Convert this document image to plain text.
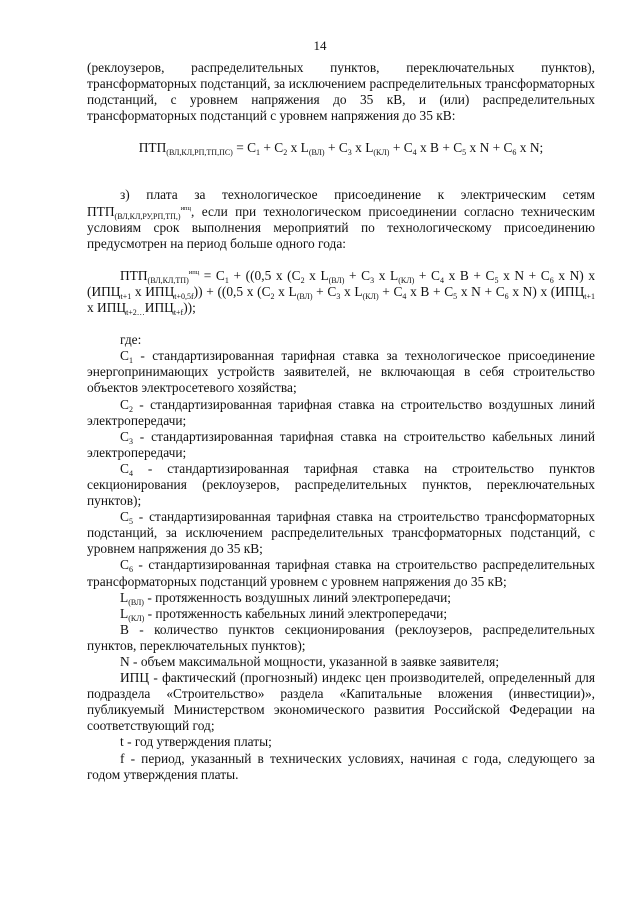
14

(реклоузеров, распределительных пунктов, переключательных пунктов), трансформаторных подстанций, за исключением распределительных трансформаторных подстанций, с уровнем напряжения до 35 кВ, и (или) распределительных трансформаторных подстанций с уровнем напряжения до 35 кВ:

$ПТП_{(ВЛ,КЛ,РП,ТП,ПС)} = С_1 + С_2$ x $L_{(ВЛ)} + С_3$ x $L_{(КЛ)} + С_4$ x $В + С_5$ x $N + С_6$ x N;

з) плата за технологическое присоединение к электрическим сетям $ПТП_{(ВЛ,КЛ,РУ,РП,ТП,)}^{ипц}$, если при технологическом присоединении согласно техническим условиям срок выполнения мероприятий по технологическому присоединению предусмотрен на период больше одного года:

$ПТП_{(ВЛ,КЛ,ТП)}^{ипц} = С_1 + ((0,5$ х ($С_2$ x $L_{(ВЛ)} + С_3$ x $L_{(КЛ)} + С_4$ x $В + С_5$ x $N + С_6$ x N) х ($ИПЦ_{t+1}$ x $ИПЦ_{t+0,5f})) + ((0,5$ х ($С_2$ x $L_{(ВЛ)} + С_3$ x $L_{(КЛ)} + С_4$ x $В + С_5$ x $N + С_6$ x N) х ($ИПЦ_{t+1}$ x $ИПЦ_{t+2\dots}ИПЦ_{t+f}$));

где:

$С_1$ - стандартизированная тарифная ставка за технологическое присоединение энергопринимающих устройств заявителей, не включающая в себя строительство объектов электросетевого хозяйства;

$С_2$ - стандартизированная тарифная ставка на строительство воздушных линий электропередачи;

$С_3$ - стандартизированная тарифная ставка на строительство кабельных линий электропередачи;

$С_4$ - стандартизированная тарифная ставка на строительство пунктов секционирования (реклоузеров, распределительных пунктов, переключательных пунктов);

$С_5$ - стандартизированная тарифная ставка на строительство трансформаторных подстанций, за исключением распределительных трансформаторных подстанций, с уровнем напряжения до 35 кВ;

$С_6$ - стандартизированная тарифная ставка на строительство распределительных трансформаторных подстанций уровнем с уровнем напряжения до 35 кВ;

$L_{(ВЛ)}$ - протяженность воздушных линий электропередачи;

$L_{(КЛ)}$ - протяженность кабельных линий электропередачи;

В - количество пунктов секционирования (реклоузеров, распределительных пунктов, переключательных пунктов);

N - объем максимальной мощности, указанной в заявке заявителя;

ИПЦ - фактический (прогнозный) индекс цен производителей, определенный для подраздела «Строительство» раздела «Капитальные вложения (инвестиции)», публикуемый Министерством экономического развития Российской Федерации на соответствующий год;

t - год утверждения платы;

f - период, указанный в технических условиях, начиная с года, следующего за годом утверждения платы.
